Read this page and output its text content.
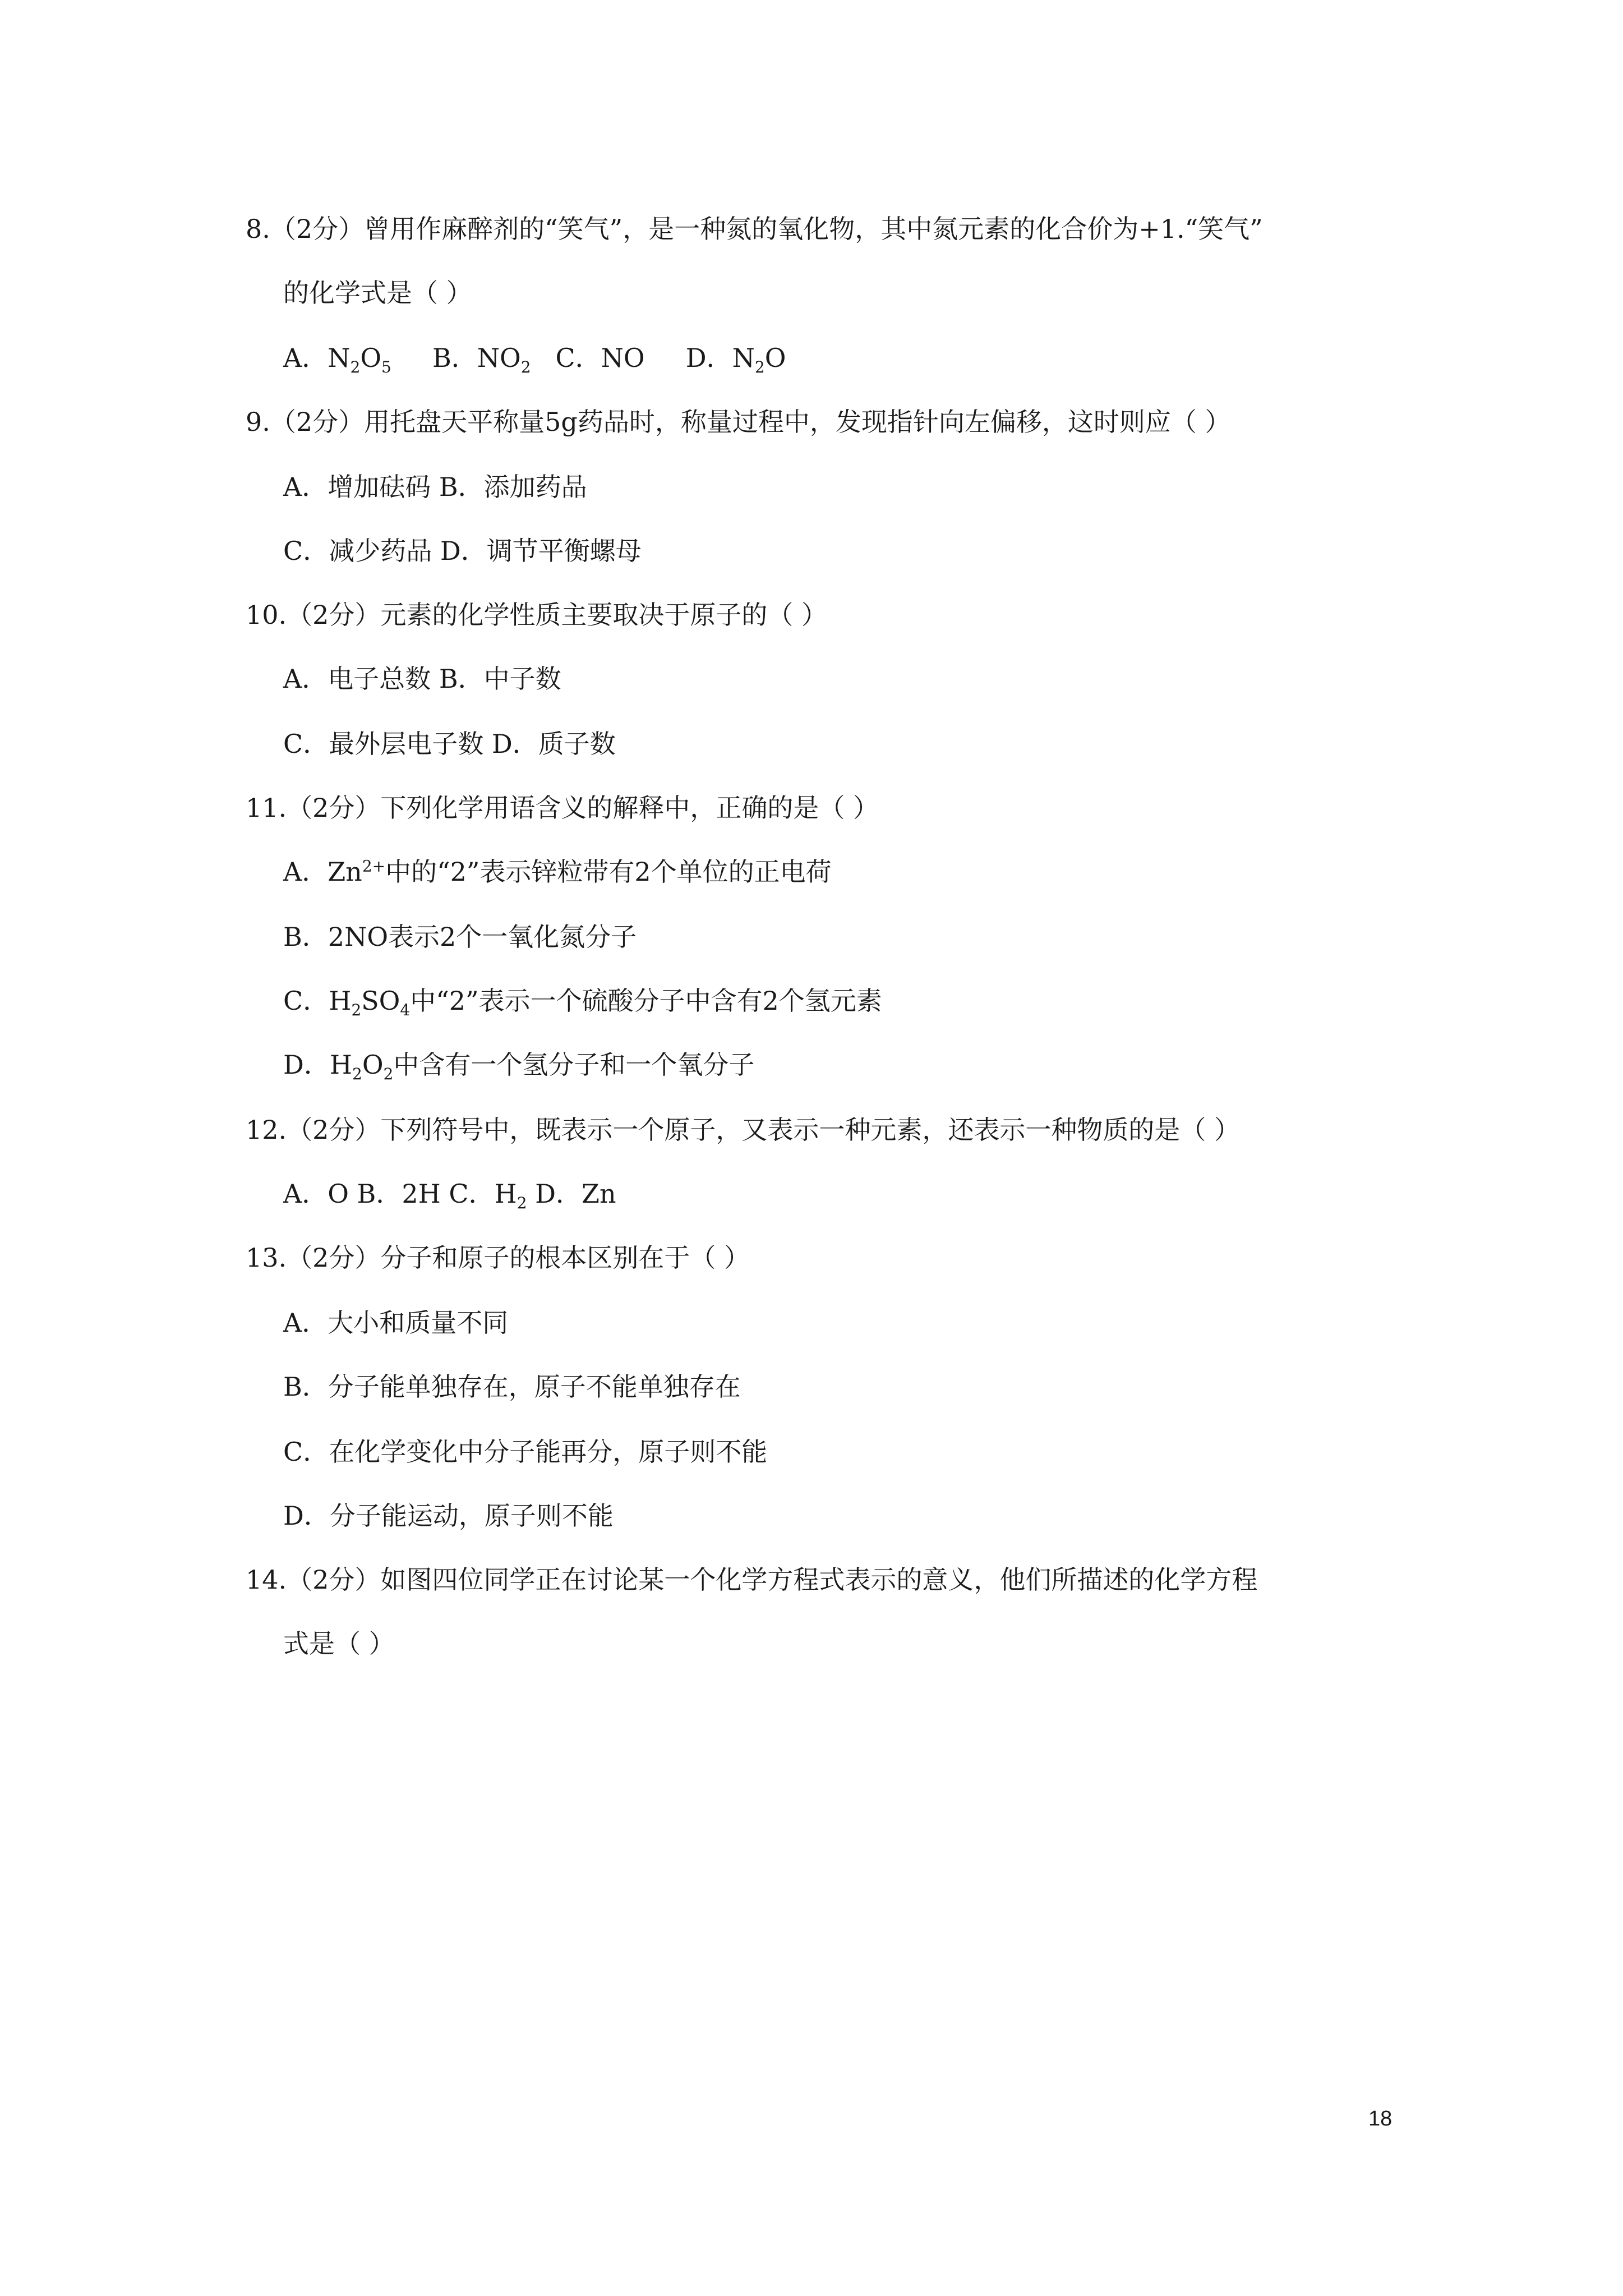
8.（2分）曾用作麻醉剂的“笑气”，是一种氮的氧化物，其中氮元素的化合价为+1.“笑气”
的化学式是（ ）
A．$N_2O_5$ B．$NO_2$ C．NO D．$N_2O$
9.（2分）用托盘天平称量5g药品时，称量过程中，发现指针向左偏移，这时则应（ ）
A．增加砝码 B．添加药品
C．减少药品 D．调节平衡螺母
10.（2分）元素的化学性质主要取决于原子的（ ）
A．电子总数 B．中子数
C．最外层电子数 D．质子数
11.（2分）下列化学用语含义的解释中，正确的是（ ）
A．$Zn^{2+}$中的“2”表示锌粒带有2个单位的正电荷
B．2NO表示2个一氧化氮分子
C．$H_2SO_4$中“2”表示一个硫酸分子中含有2个氢元素
D．$H_2O_2$中含有一个氢分子和一个氧分子
12.（2分）下列符号中，既表示一个原子，又表示一种元素，还表示一种物质的是（ ）
A．O B．2H C．$H_2$ D．Zn
13.（2分）分子和原子的根本区别在于（ ）
A．大小和质量不同
B．分子能单独存在，原子不能单独存在
C．在化学变化中分子能再分，原子则不能
D．分子能运动，原子则不能
14.（2分）如图四位同学正在讨论某一个化学方程式表示的意义，他们所描述的化学方程
式是（ ）
18
